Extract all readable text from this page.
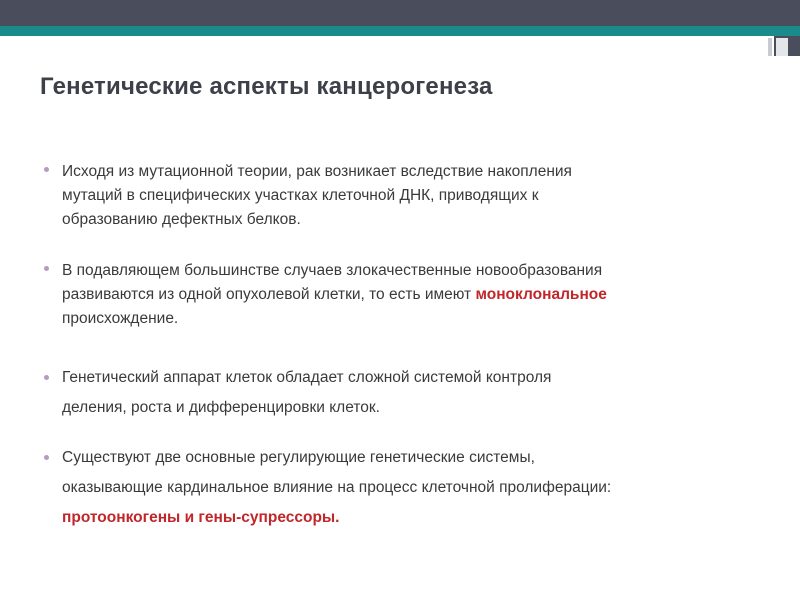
Генетические аспекты канцерогенеза
Исходя из мутационной теории, рак возникает вследствие накопления
мутаций в специфических участках клеточной ДНК, приводящих к
образованию дефектных белков.
В подавляющем большинстве случаев злокачественные новообразования
развиваются из одной опухолевой клетки, то есть имеют моноклональное
происхождение.
Генетический аппарат клеток обладает сложной системой контроля
деления, роста и дифференцировки клеток.
Существуют две основные регулирующие генетические системы,
оказывающие кардинальное влияние на процесс клеточной пролиферации:
протоонкогены и гены-супрессоры.
